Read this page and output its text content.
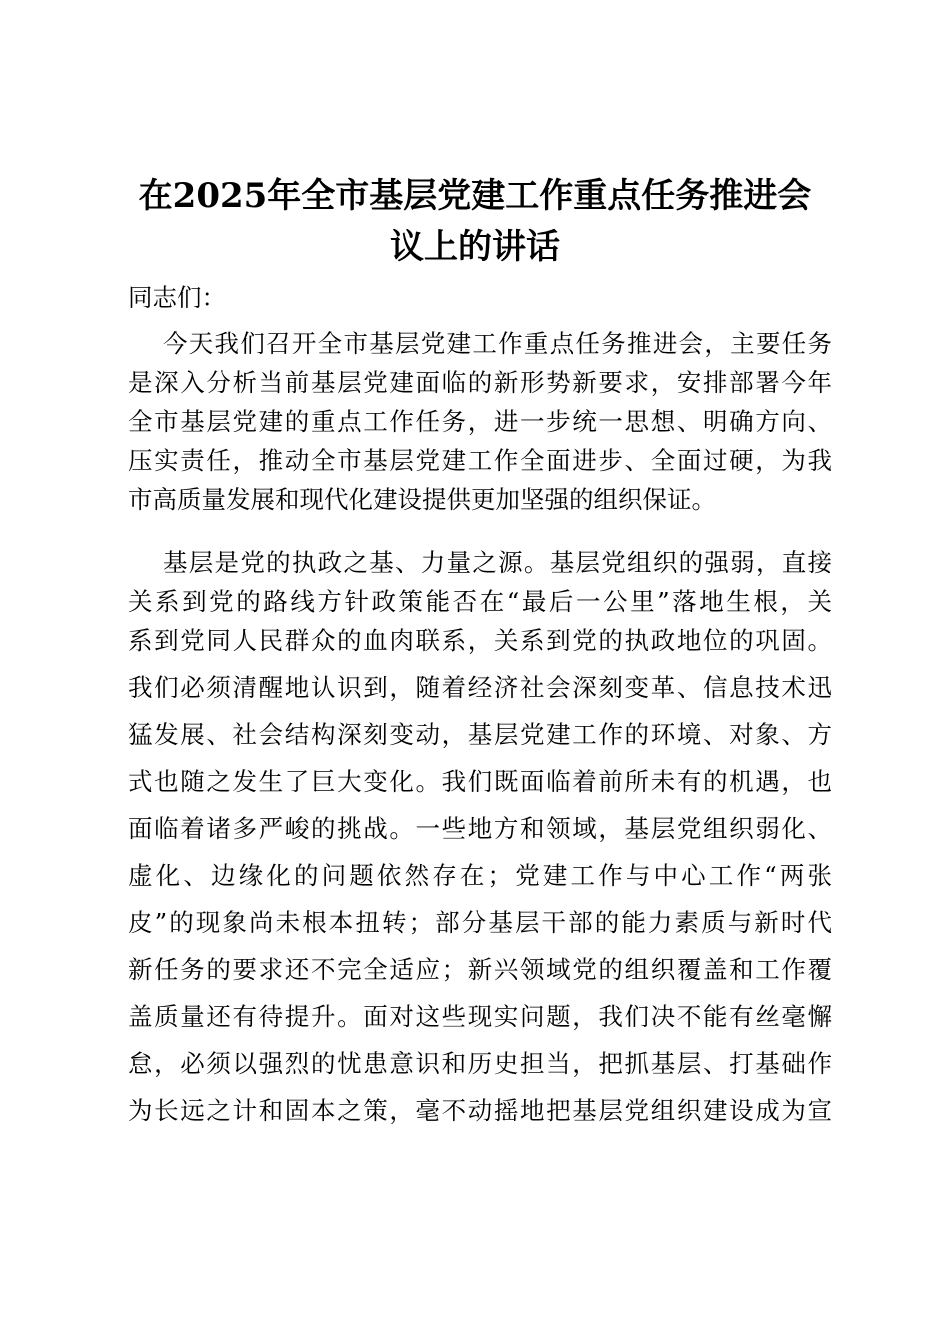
在2025年全市基层党建工作重点任务推进会
议上的讲话
同志们：
今天我们召开全市基层党建工作重点任务推进会，主要任务
是深入分析当前基层党建面临的新形势新要求，安排部署今年
全市基层党建的重点工作任务，进一步统一思想、明确方向、
压实责任，推动全市基层党建工作全面进步、全面过硬，为我
市高质量发展和现代化建设提供更加坚强的组织保证。
基层是党的执政之基、力量之源。基层党组织的强弱，直接
关系到党的路线方针政策能否在“最后一公里”落地生根，关
系到党同人民群众的血肉联系，关系到党的执政地位的巩固。
我们必须清醒地认识到，随着经济社会深刻变革、信息技术迅
猛发展、社会结构深刻变动，基层党建工作的环境、对象、方
式也随之发生了巨大变化。我们既面临着前所未有的机遇，也
面临着诸多严峻的挑战。一些地方和领域，基层党组织弱化、
虚化、边缘化的问题依然存在；党建工作与中心工作“两张
皮”的现象尚未根本扭转；部分基层干部的能力素质与新时代
新任务的要求还不完全适应；新兴领域党的组织覆盖和工作覆
盖质量还有待提升。面对这些现实问题，我们决不能有丝毫懈
怠，必须以强烈的忧患意识和历史担当，把抓基层、打基础作
为长远之计和固本之策，毫不动摇地把基层党组织建设成为宣
